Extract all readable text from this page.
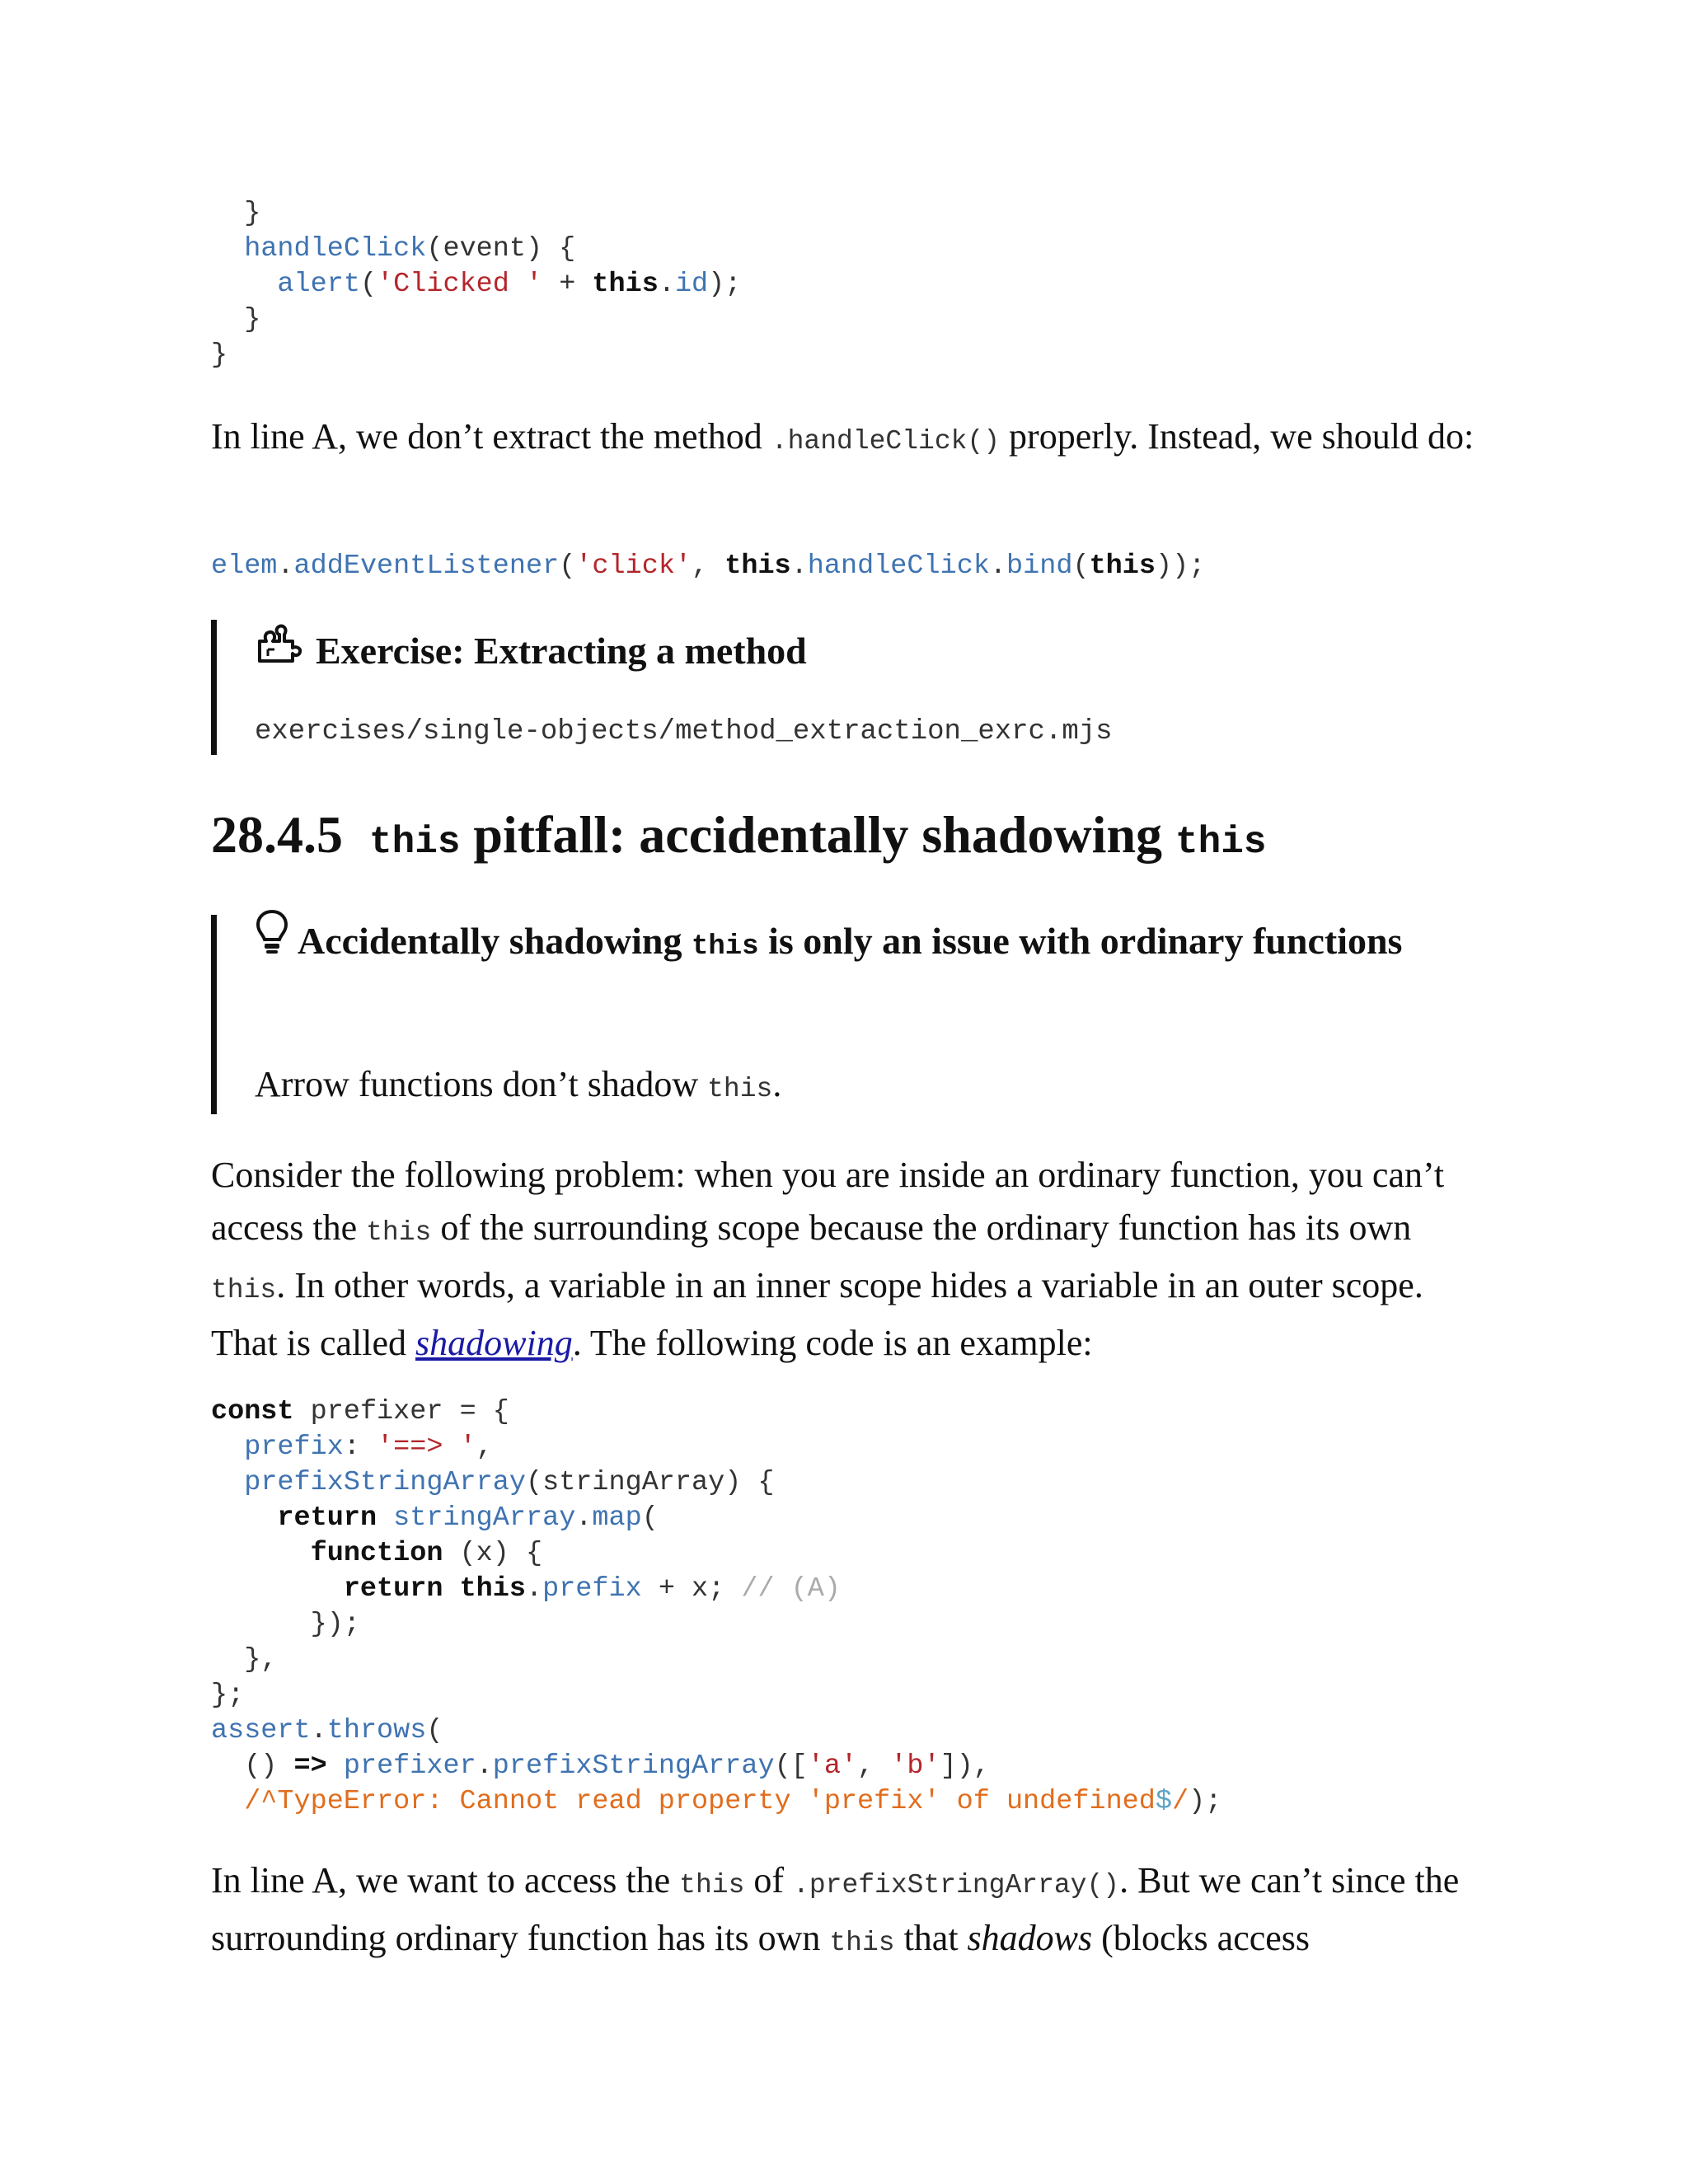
}
handleClick(event) {
alert('Clicked ' + this.id);
}
}
In line A, we don’t extract the method .handleClick() properly. Instead, we should do:
elem.addEventListener('click', this.handleClick.bind(this));
Exercise: Extracting a method
exercises/single-objects/method_extraction_exrc.mjs
28.4.5 this pitfall: accidentally shadowing this
Accidentally shadowing this is only an issue with ordinary functions
Arrow functions don’t shadow this.
Consider the following problem: when you are inside an ordinary function, you can’t access the this of the surrounding scope because the ordinary function has its own this. In other words, a variable in an inner scope hides a variable in an outer scope. That is called shadowing. The following code is an example:
const prefixer = {
prefix: '==> ',
prefixStringArray(stringArray) {
return stringArray.map(
function (x) {
return this.prefix + x; // (A)
});
},
};
assert.throws(
() => prefixer.prefixStringArray(['a', 'b']),
/^TypeError: Cannot read property 'prefix' of undefined$/);
In line A, we want to access the this of .prefixStringArray(). But we can’t since the surrounding ordinary function has its own this that shadows (blocks access
